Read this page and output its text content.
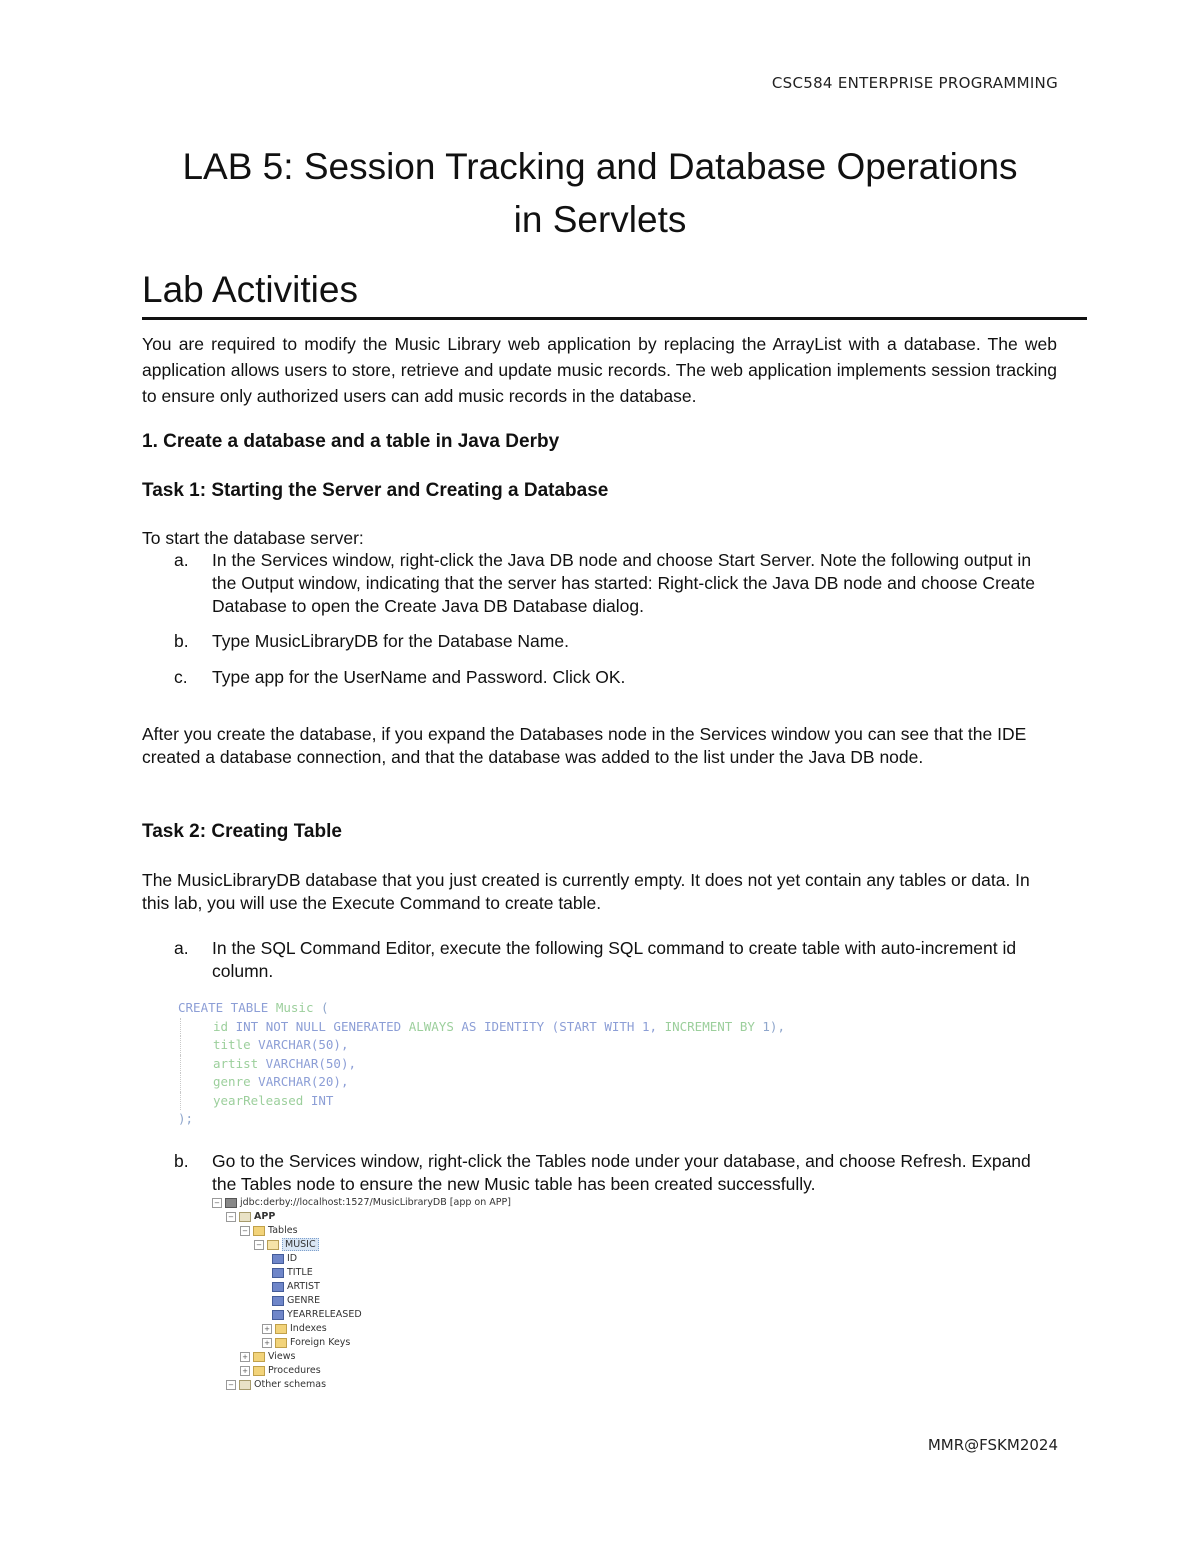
CSC584 ENTERPRISE PROGRAMMING
LAB 5: Session Tracking and Database Operations
in Servlets
Lab Activities
You are required to modify the Music Library web application by replacing the ArrayList with a database. The web application allows users to store, retrieve and update music records. The web application implements session tracking to ensure only authorized users can add music records in the database.
1. Create a database and a table in Java Derby
Task 1: Starting the Server and Creating a Database
To start the database server:
a.	In the Services window, right-click the Java DB node and choose Start Server. Note the following output in the Output window, indicating that the server has started: Right-click the Java DB node and choose Create Database to open the Create Java DB Database dialog.
b.	Type MusicLibraryDB for the Database Name.
c.	Type app for the UserName and Password. Click OK.
After you create the database, if you expand the Databases node in the Services window you can see that the IDE created a database connection, and that the database was added to the list under the Java DB node.
Task 2: Creating Table
The MusicLibraryDB database that you just created is currently empty. It does not yet contain any tables or data. In this lab, you will use the Execute Command to create table.
a.	In the SQL Command Editor, execute the following SQL command to create table with auto-increment id column.
CREATE TABLE Music (
id INT NOT NULL GENERATED ALWAYS AS IDENTITY (START WITH 1, INCREMENT BY 1),
title VARCHAR(50),
artist VARCHAR(50),
genre VARCHAR(20),
yearReleased INT
);
b.	Go to the Services window, right-click the Tables node under your database, and choose Refresh. Expand the Tables node to ensure the new Music table has been created successfully.
− jdbc:derby://localhost:1527/MusicLibraryDB [app on APP]
− APP
− Tables
− MUSIC
ID
TITLE
ARTIST
GENRE
YEARRELEASED
+ Indexes
+ Foreign Keys
+ Views
+ Procedures
− Other schemas
MMR@FSKM2024
